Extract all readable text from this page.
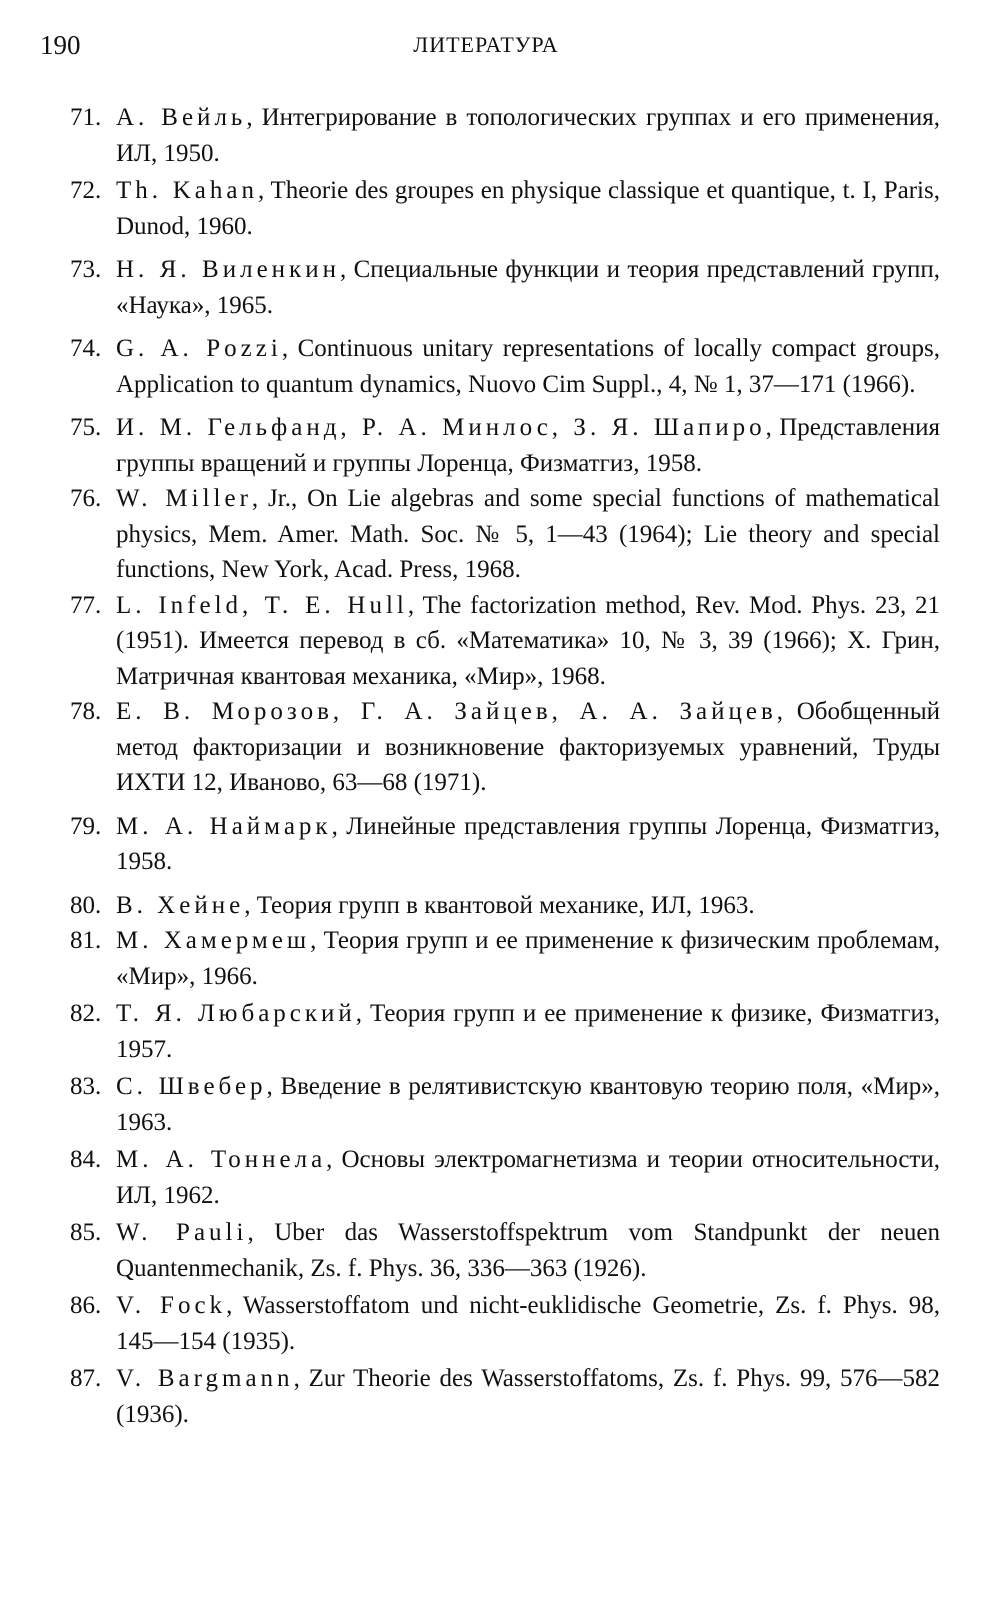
190	ЛИТЕРАТУРА
71. А. Вейль, Интегрирование в топологических группах и его применения, ИЛ, 1950.
72. Th. Kahan, Theorie des groupes en physique classique et quantique, t. I, Paris, Dunod, 1960.
73. Н. Я. Виленкин, Специальные функции и теория представлений групп, «Наука», 1965.
74. G. A. Pozzi, Continuous unitary representations of locally compact groups, Application to quantum dynamics, Nuovo Cim Suppl., 4, № 1, 37—171 (1966).
75. И. М. Гельфанд, Р. А. Минлос, З. Я. Шапиро, Представления группы вращений и группы Лоренца, Физматгиз, 1958.
76. W. Miller, Jr., On Lie algebras and some special functions of mathematical physics, Mem. Amer. Math. Soc. № 5, 1—43 (1964); Lie theory and special functions, New York, Acad. Press, 1968.
77. L. Infeld, T. E. Hull, The factorization method, Rev. Mod. Phys. 23, 21 (1951). Имеется перевод в сб. «Математика» 10, № 3, 39 (1966); Х. Грин, Матричная квантовая механика, «Мир», 1968.
78. Е. В. Морозов, Г. А. Зайцев, А. А. Зайцев, Обобщенный метод факторизации и возникновение факторизуемых уравнений, Труды ИХТИ 12, Иваново, 63—68 (1971).
79. М. А. Наймарк, Линейные представления группы Лоренца, Физматгиз, 1958.
80. В. Хейне, Теория групп в квантовой механике, ИЛ, 1963.
81. М. Хамермеш, Теория групп и ее применение к физическим проблемам, «Мир», 1966.
82. Т. Я. Любарский, Теория групп и ее применение к физике, Физматгиз, 1957.
83. С. Швебер, Введение в релятивистскую квантовую теорию поля, «Мир», 1963.
84. М. А. Тоннела, Основы электромагнетизма и теории относительности, ИЛ, 1962.
85. W. Pauli, Uber das Wasserstoffspektrum vom Standpunkt der neuen Quantenmechanik, Zs. f. Phys. 36, 336—363 (1926).
86. V. Fock, Wasserstoffatom und nicht-euklidische Geometrie, Zs. f. Phys. 98, 145—154 (1935).
87. V. Bargmann, Zur Theorie des Wasserstoffatoms, Zs. f. Phys. 99, 576—582 (1936).
